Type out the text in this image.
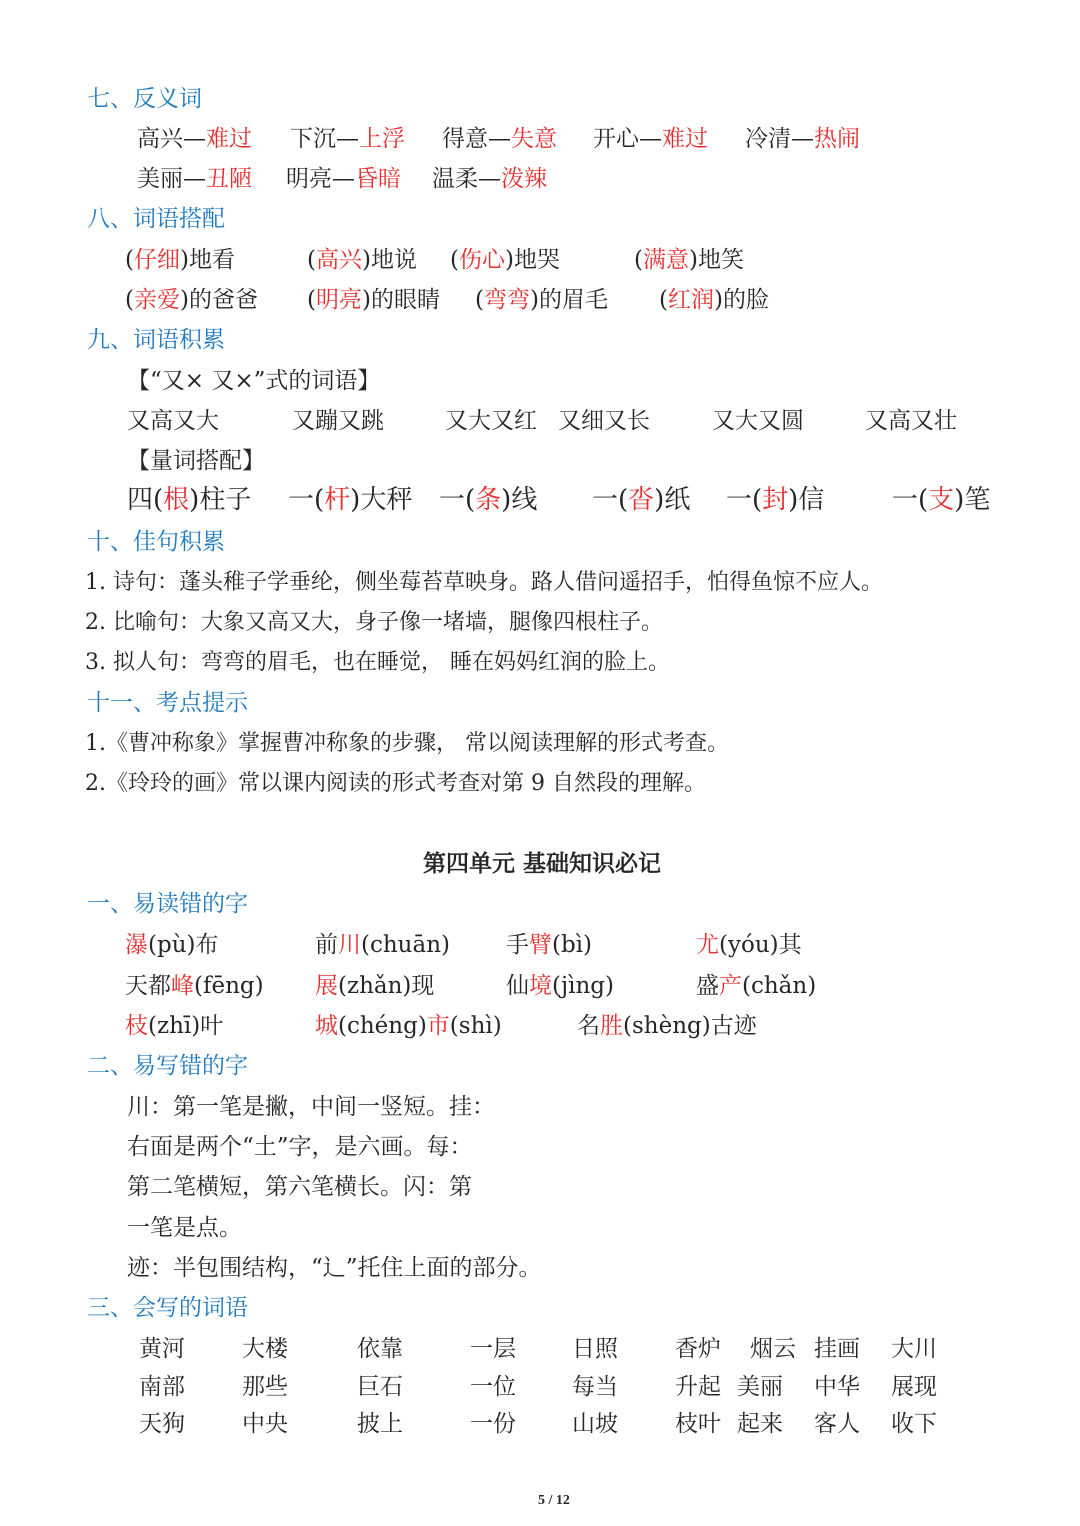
七、反义词
高兴—难过 下沉—上浮 得意—失意 开心—难过 冷清—热闹
美丽—丑陋 明亮—昏暗 温柔—泼辣
八、词语搭配
(仔细)地看	(高兴)地说 (伤心)地哭	(满意)地笑
(亲爱)的爸爸 (明亮)的眼睛 (弯弯)的眉毛 (红润)的脸
九、词语积累
【“又× 又×”式的词语】
又高又大	又蹦又跳	又大又红 又细又长	又大又圆	又高又壮
【量词搭配】
四(根)柱子 一(杆)大秤 一(条)线 一(沓)纸 一(封)信	一(支)笔
十、佳句积累
1. 诗句：蓬头稚子学垂纶，侧坐莓苔草映身。路人借问遥招手，怕得鱼惊不应人。
2. 比喻句：大象又高又大，身子像一堵墙，腿像四根柱子。
3. 拟人句：弯弯的眉毛，也在睡觉， 睡在妈妈红润的脸上。
十一、考点提示
1.《曹冲称象》掌握曹冲称象的步骤， 常以阅读理解的形式考查。
2.《玲玲的画》常以课内阅读的形式考查对第 9 自然段的理解。
第四单元 基础知识必记
一、易读错的字
瀑(pù)布	前川(chuān) 手臂(bì)	尤(yóu)其
天都峰(fēng) 展(zhǎn)现	仙境(jìng)	盛产(chǎn)
枝(zhī)叶	城(chéng)市(shì)	名胜(shèng)古迹
二、易写错的字
川：第一笔是撇，中间一竖短。挂：
右面是两个“土”字，是六画。每：
第二笔横短，第六笔横长。闪：第
一笔是点。
迹：半包围结构，“辶”托住上面的部分。
三、会写的词语
黄河 大楼	依靠	一层 日照 香炉 烟云 挂画 大川
南部 那些	巨石	一位 每当 升起 美丽 中华 展现
天狗 中央	披上	一份 山坡 枝叶 起来 客人 收下
5 / 12
